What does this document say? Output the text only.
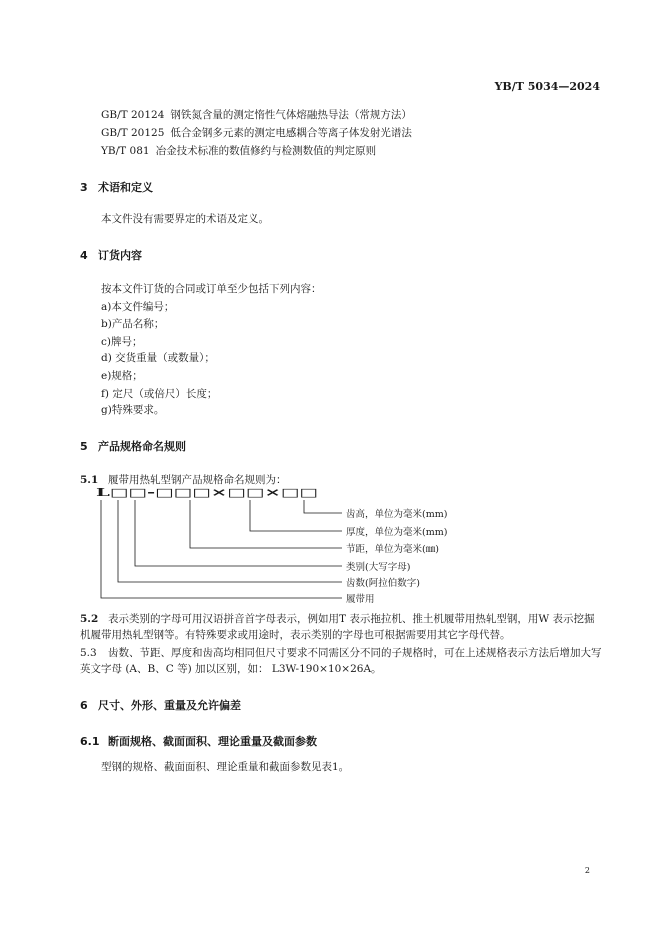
YB/T 5034—2024
GB/T 20124 钢铁氮含量的测定惰性气体熔融热导法（常规方法）
GB/T 20125 低合金钢多元素的测定电感耦合等离子体发射光谱法
YB/T 081 冶金技术标准的数值修约与检测数值的判定原则
3 术语和定义
本文件没有需要界定的术语及定义。
4 订货内容
按本文件订货的合同或订单至少包括下列内容：
a)本文件编号；
b)产品名称；
c)牌号；
d) 交货重量（或数量）；
e)规格；
f) 定尺（或倍尺）长度；
g)特殊要求。
5 产品规格命名规则
5.1 履带用热轧型钢产品规格命名规则为：
L□□-□□□×□□×□□
齿高，单位为毫米(mm)
厚度，单位为毫米(mm)
节距，单位为毫米(㎜)
类别(大写字母)
齿数(阿拉伯数字)
履带用
5.2 表示类别的字母可用汉语拼音首字母表示，例如用T 表示拖拉机、推土机履带用热轧型钢，用W 表示挖掘机履带用热轧型钢等。有特殊要求或用途时，表示类别的字母也可根据需要用其它字母代替。
5.3 齿数、节距、厚度和齿高均相同但尺寸要求不同需区分不同的子规格时，可在上述规格表示方法后增加大写英文字母 (A、B、C 等) 加以区别，如： L3W-190×10×26A。
6 尺寸、外形、重量及允许偏差
6.1 断面规格、截面面积、理论重量及截面参数
型钢的规格、截面面积、理论重量和截面参数见表1。
2
